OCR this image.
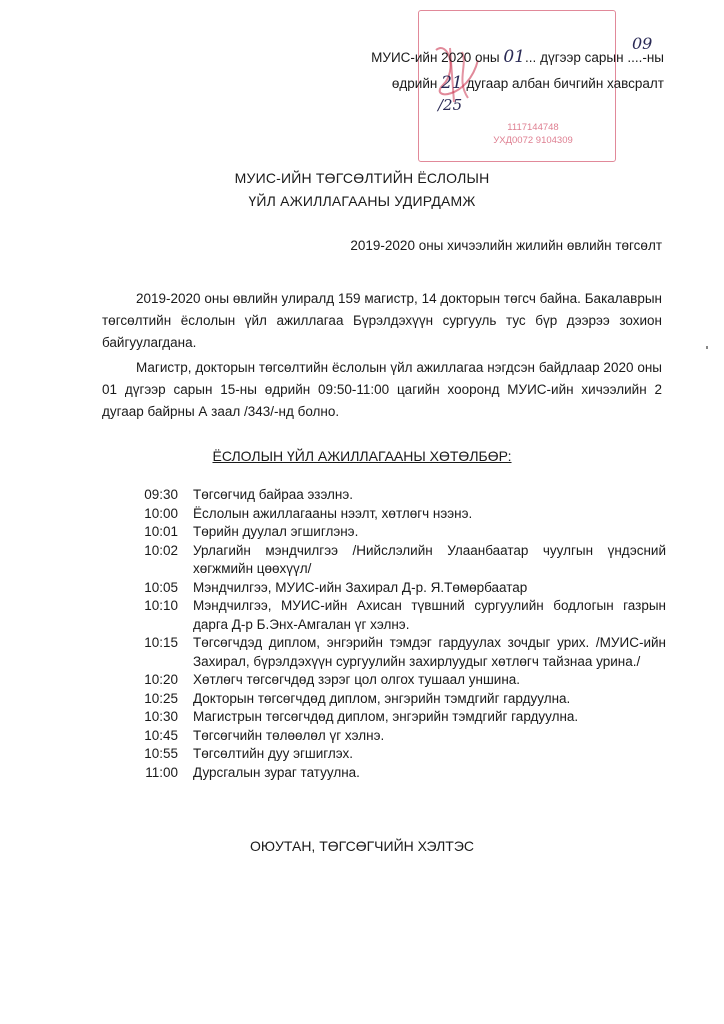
1117144748
УХД0072 9104309
МУИС-ийн 2020 оны 01... дүгээр сарын ....-ны
09
өдрийн 21 дугаар албан бичгийн хавсралт
/25
МУИС-ИЙН ТӨГСӨЛТИЙН ЁСЛОЛЫН
ҮЙЛ АЖИЛЛАГААНЫ УДИРДАМЖ
2019-2020 оны хичээлийн жилийн өвлийн төгсөлт
2019-2020 оны өвлийн улиралд 159 магистр, 14 докторын төгсч байна. Бакалаврын төгсөлтийн ёслолын үйл ажиллагаа Бүрэлдэхүүн сургууль тус бүр дээрээ зохион байгуулагдана.
Магистр, докторын төгсөлтийн ёслолын үйл ажиллагаа нэгдсэн байдлаар 2020 оны 01 дүгээр сарын 15-ны өдрийн 09:50-11:00 цагийн хооронд МУИС-ийн хичээлийн 2 дугаар байрны А заал /343/-нд болно.
ЁСЛОЛЫН ҮЙЛ АЖИЛЛАГААНЫ ХӨТӨЛБӨР:
09:30	Төгсөгчид байраа эзэлнэ.
10:00	Ёслолын ажиллагааны нээлт, хөтлөгч нээнэ.
10:01	Төрийн дуулал эгшиглэнэ.
10:02	Урлагийн мэндчилгээ /Нийслэлийн Улаанбаатар чуулгын үндэсний хөгжмийн цөөхүүл/
10:05	Мэндчилгээ, МУИС-ийн Захирал Д-р. Я.Төмөрбаатар
10:10	Мэндчилгээ, МУИС-ийн Ахисан түвшний сургуулийн бодлогын газрын дарга Д-р Б.Энх-Амгалан үг хэлнэ.
10:15	Төгсөгчдэд диплом, энгэрийн тэмдэг гардуулах зочдыг урих. /МУИС-ийн Захирал, бүрэлдэхүүн сургуулийн захирлуудыг хөтлөгч тайзнаа урина./
10:20	Хөтлөгч төгсөгчдөд зэрэг цол олгох тушаал уншина.
10:25	Докторын төгсөгчдөд диплом, энгэрийн тэмдгийг гардуулна.
10:30	Магистрын төгсөгчдөд диплом, энгэрийн тэмдгийг гардуулна.
10:45	Төгсөгчийн төлөөлөл үг хэлнэ.
10:55	Төгсөлтийн дуу эгшиглэх.
11:00	Дурсгалын зураг татуулна.
ОЮУТАН, ТӨГСӨГЧИЙН ХЭЛТЭС
